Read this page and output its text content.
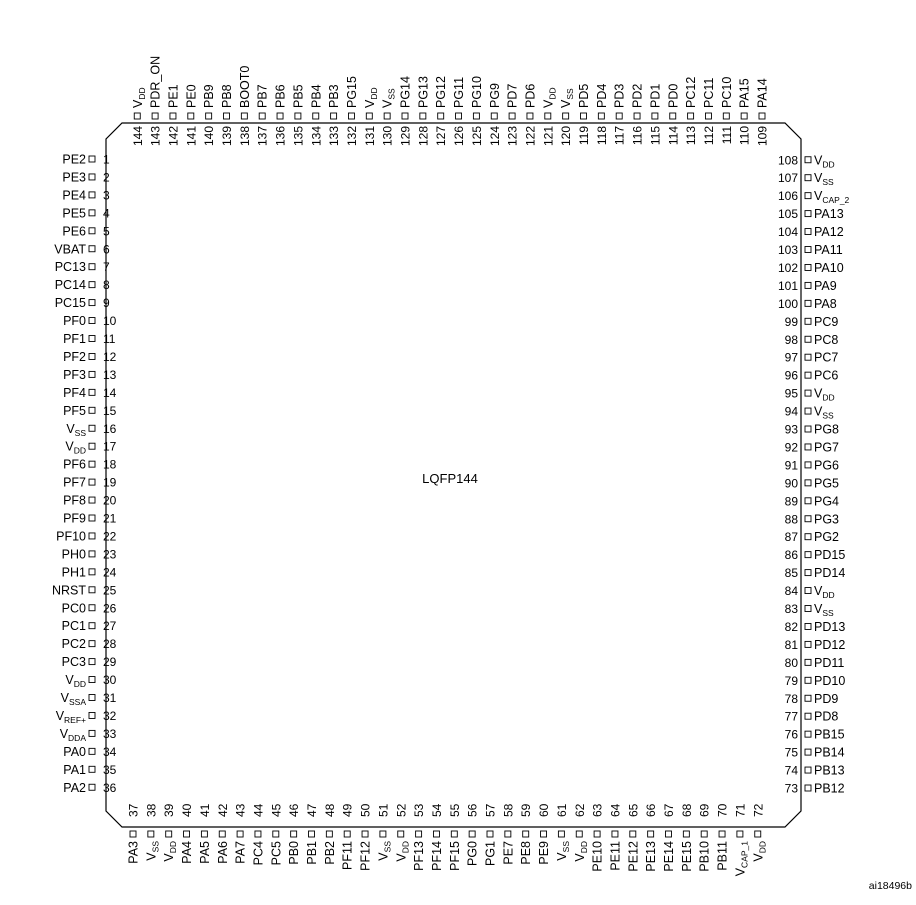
LQFP144
ai18496b
PE2 1
PE3 2
PE4 3
PE5 4
PE6 5
VBAT 6
PC13 7
PC14 8
PC15 9
PF0 10
PF1 11
PF2 12
PF3 13
PF4 14
PF5 15
$V_{SS}$ 16
$V_{DD}$ 17
PF6 18
PF7 19
PF8 20
PF9 21
PF10 22
PH0 23
PH1 24
NRST 25
PC0 26
PC1 27
PC2 28
PC3 29
$V_{DD}$ 30
$V_{SSA}$ 31
$V_{REF+}$ 32
$V_{DDA}$ 33
PA0 34
PA1 35
PA2 36	PB12
73
PB13
74
PB14
75
PB15
76
PD8
77
PD9
78
PD10
79
PD11
80
PD12
81
PD13
82
$V_{SS}$
83
$V_{DD}$
84
PD14
85
PD15
86
PG2
87
PG3
88
PG4
89
PG5
90
PG6
91
PG7
92
PG8
93
$V_{SS}$
94
$V_{DD}$
95
PC6
96
PC7
97
PC8
98
PC9
99
PA8
100
PA9
101
PA10
102
PA11
103
PA12
104
PA13
105
$V_{CAP\_2}$
106
$V_{SS}$
107
$V_{DD}$
108
PA3
37
$V_{SS}$
38
$V_{DD}$
39
PA4
40
PA5
41
PA6
42
PA7
43
PC4
44
PC5
45
PB0
46
PB1
47
PB2
48
PF11
49
PF12
50
$V_{SS}$
51
$V_{DD}$
52
PF13
53
PF14
54
PF15
55
PG0
56
PG1
57
PE7
58
PE8
59
PE9
60
$V_{SS}$
61
$V_{DD}$
62
PE10
63
PE11
64
PE12
65
PE13
66
PE14
67
PE15
68
PB10
69
PB11
70
$V_{CAP\_1}$
71
$V_{DD}$
72
PA14
109
PA15
110
PC10
111
PC11
112
PC12
113
PD0
114
PD1
115
PD2
116
PD3
117
PD4
118
PD5
119
$V_{SS}$
120
$V_{DD}$
121
PD6
122
PD7
123
PG9
124
PG10
125
PG11
126
PG12
127
PG13
128
PG14
129
$V_{SS}$
130
$V_{DD}$
131
PG15
132
PB3
133
PB4
134
PB5
135
PB6
136
PB7
137
BOOT0
138
PB8
139
PB9
140
PE0
141
PE1
142
PDR_ON
143
$V_{DD}$
144
